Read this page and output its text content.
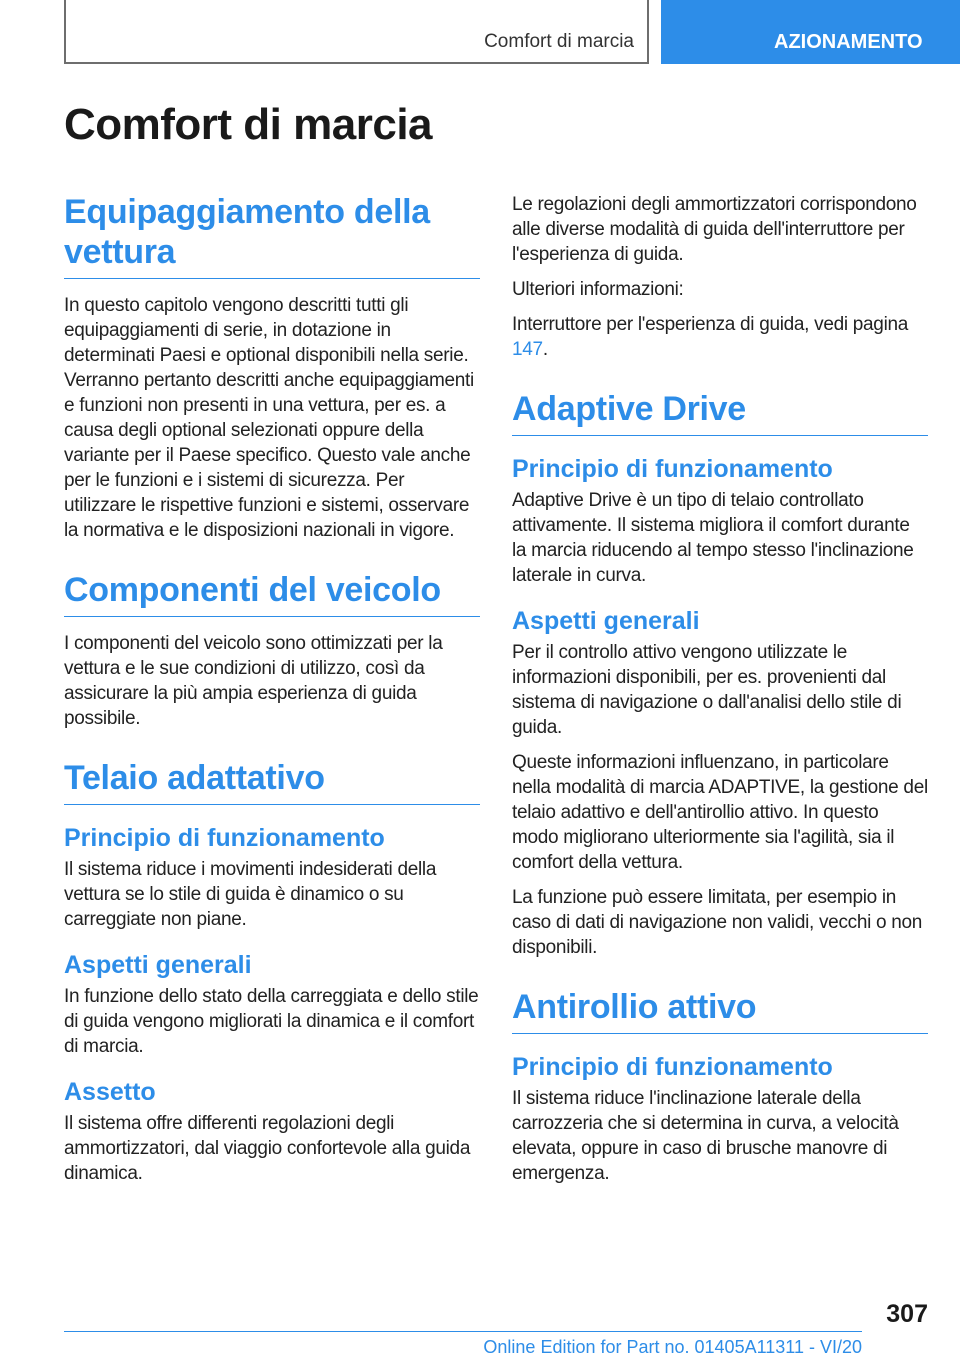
Comfort di marcia	AZIONAMENTO
Comfort di marcia
Equipaggiamento della vettura

In questo capitolo vengono descritti tutti gli equipaggiamenti di serie, in dotazione in determinati Paesi e optional disponibili nella serie. Verranno pertanto descritti anche equipaggiamenti e funzioni non presenti in una vettura, per es. a causa degli optional selezionati oppure della variante per il Paese specifico. Questo vale anche per le funzioni e i sistemi di sicurezza. Per utilizzare le rispettive funzioni e sistemi, osservare la normativa e le disposizioni nazionali in vigore.

Componenti del veicolo

I componenti del veicolo sono ottimizzati per la vettura e le sue condizioni di utilizzo, così da assicurare la più ampia esperienza di guida possibile.

Telaio adattativo
Principio di funzionamento

Il sistema riduce i movimenti indesiderati della vettura se lo stile di guida è dinamico o su carreggiate non piane.

Aspetti generali

In funzione dello stato della carreggiata e dello stile di guida vengono migliorati la dinamica e il comfort di marcia.

Assetto

Il sistema offre differenti regolazioni degli ammortizzatori, dal viaggio confortevole alla guida dinamica.

Le regolazioni degli ammortizzatori corrispondono alle diverse modalità di guida dell'interruttore per l'esperienza di guida.

Ulteriori informazioni:

Interruttore per l'esperienza di guida, vedi pagina 147.

Adaptive Drive
Principio di funzionamento

Adaptive Drive è un tipo di telaio controllato attivamente. Il sistema migliora il comfort durante la marcia riducendo al tempo stesso l'inclinazione laterale in curva.

Aspetti generali

Per il controllo attivo vengono utilizzate le informazioni disponibili, per es. provenienti dal sistema di navigazione o dall'analisi dello stile di guida.

Queste informazioni influenzano, in particolare nella modalità di marcia ADAPTIVE, la gestione del telaio adattivo e dell'antirollio attivo. In questo modo migliorano ulteriormente sia l'agilità, sia il comfort della vettura.

La funzione può essere limitata, per esempio in caso di dati di navigazione non validi, vecchi o non disponibili.

Antirollio attivo
Principio di funzionamento

Il sistema riduce l'inclinazione laterale della carrozzeria che si determina in curva, a velocità elevata, oppure in caso di brusche manovre di emergenza.

307
Online Edition for Part no. 01405A11311 - VI/20
